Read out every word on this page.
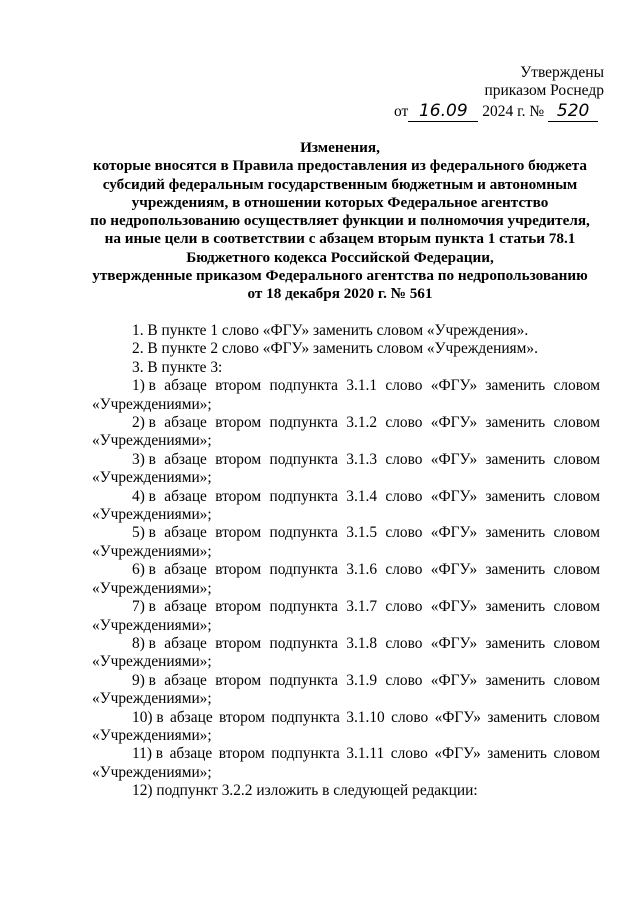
Утверждены
приказом Роснедр
от 16.09 2024 г. № 520
Изменения,
которые вносятся в Правила предоставления из федерального бюджета
субсидий федеральным государственным бюджетным и автономным
учреждениям, в отношении которых Федеральное агентство
по недропользованию осуществляет функции и полномочия учредителя,
на иные цели в соответствии с абзацем вторым пункта 1 статьи 78.1
Бюджетного кодекса Российской Федерации,
утвержденные приказом Федерального агентства по недропользованию
от 18 декабря 2020 г. № 561
1. В пункте 1 слово «ФГУ» заменить словом «Учреждения».
2. В пункте 2 слово «ФГУ» заменить словом «Учреждениям».
3. В пункте 3:
1) в абзаце втором подпункта 3.1.1 слово «ФГУ» заменить словом
«Учреждениями»;
2) в абзаце втором подпункта 3.1.2 слово «ФГУ» заменить словом
«Учреждениями»;
3) в абзаце втором подпункта 3.1.3 слово «ФГУ» заменить словом
«Учреждениями»;
4) в абзаце втором подпункта 3.1.4 слово «ФГУ» заменить словом
«Учреждениями»;
5) в абзаце втором подпункта 3.1.5 слово «ФГУ» заменить словом
«Учреждениями»;
6) в абзаце втором подпункта 3.1.6 слово «ФГУ» заменить словом
«Учреждениями»;
7) в абзаце втором подпункта 3.1.7 слово «ФГУ» заменить словом
«Учреждениями»;
8) в абзаце втором подпункта 3.1.8 слово «ФГУ» заменить словом
«Учреждениями»;
9) в абзаце втором подпункта 3.1.9 слово «ФГУ» заменить словом
«Учреждениями»;
10) в абзаце втором подпункта 3.1.10 слово «ФГУ» заменить словом
«Учреждениями»;
11) в абзаце втором подпункта 3.1.11 слово «ФГУ» заменить словом
«Учреждениями»;
12) подпункт 3.2.2 изложить в следующей редакции:
